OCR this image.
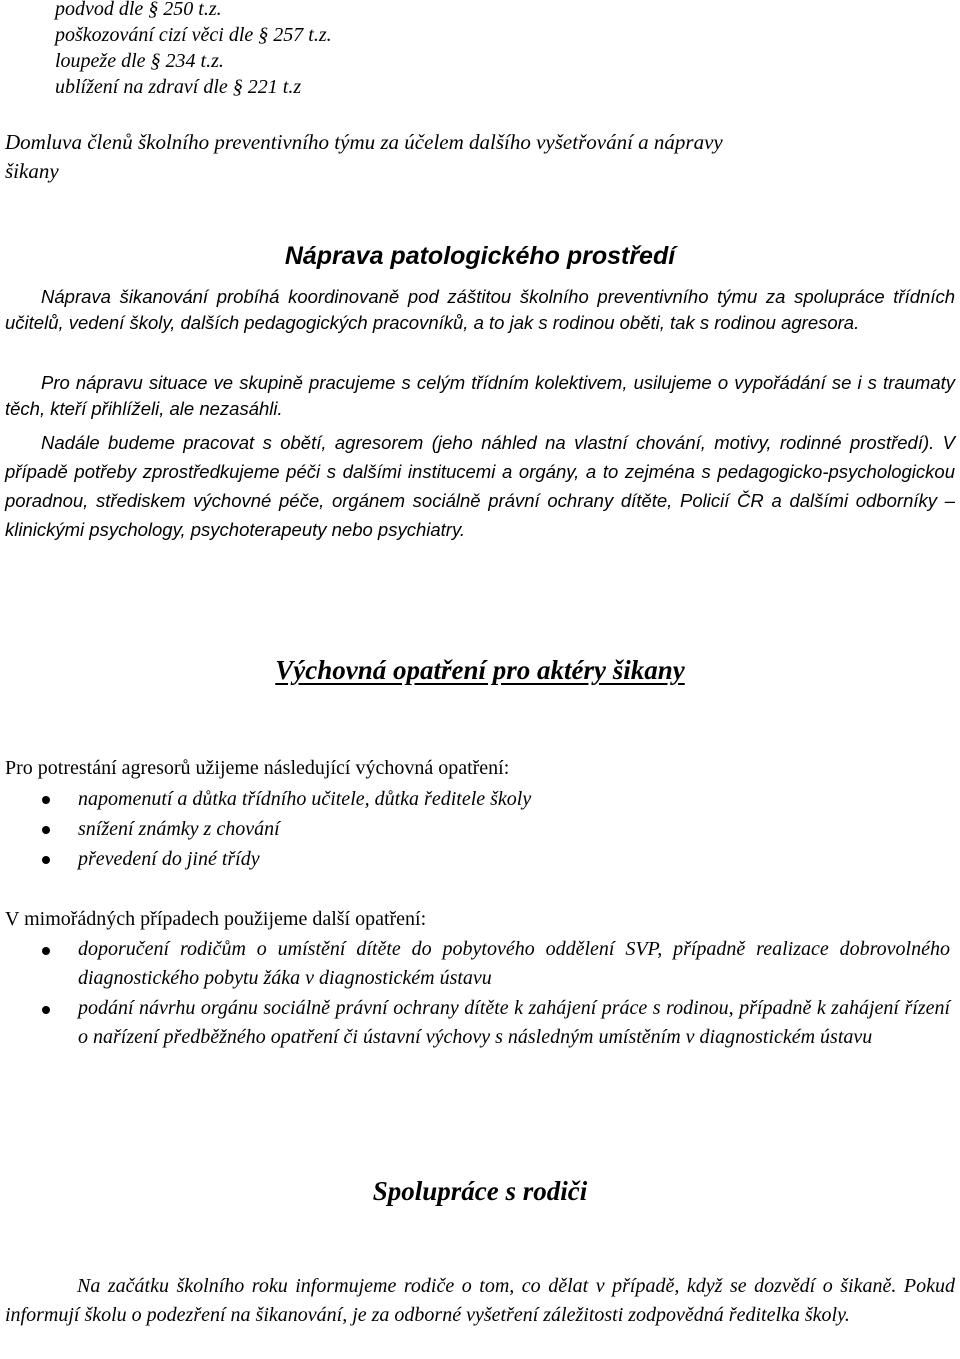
podvod dle § 250 t.z.
poškozování cizí věci dle § 257 t.z.
loupeže dle § 234 t.z.
ublížení na zdraví dle § 221 t.z
Domluva členů školního preventivního týmu za účelem dalšího vyšetřování a nápravy
šikany
Náprava patologického prostředí
Náprava šikanování probíhá koordinovaně pod záštitou školního preventivního týmu za spolupráce třídních učitelů, vedení školy, dalších pedagogických pracovníků, a to jak s rodinou oběti, tak s rodinou agresora.
Pro nápravu situace ve skupině pracujeme s celým třídním kolektivem, usilujeme o vypořádání se i s traumaty těch, kteří přihlíželi, ale nezasáhli.
Nadále budeme pracovat s obětí, agresorem (jeho náhled na vlastní chování, motivy, rodinné prostředí). V případě potřeby zprostředkujeme péči s dalšími institucemi a orgány, a to zejména s pedagogicko-psychologickou poradnou, střediskem výchovné péče, orgánem sociálně právní ochrany dítěte, Policií ČR a dalšími odborníky – klinickými psychology, psychoterapeuty nebo psychiatry.
Výchovná opatření pro aktéry šikany
Pro potrestání agresorů užijeme následující výchovná opatření:
napomenutí a důtka třídního učitele, důtka ředitele školy
snížení známky z chování
převedení do jiné třídy
V mimořádných případech použijeme další opatření:
doporučení rodičům o umístění dítěte do pobytového oddělení SVP, případně realizace dobrovolného diagnostického pobytu žáka v diagnostickém ústavu
podání návrhu orgánu sociálně právní ochrany dítěte k zahájení práce s rodinou, případně k zahájení řízení o nařízení předběžného opatření či ústavní výchovy s následným umístěním v diagnostickém ústavu
Spolupráce s rodiči
Na začátku školního roku informujeme rodiče o tom, co dělat v případě, když se dozvědí o šikaně. Pokud informují školu o podezření na šikanování, je za odborné vyšetření záležitosti zodpovědná ředitelka školy.
